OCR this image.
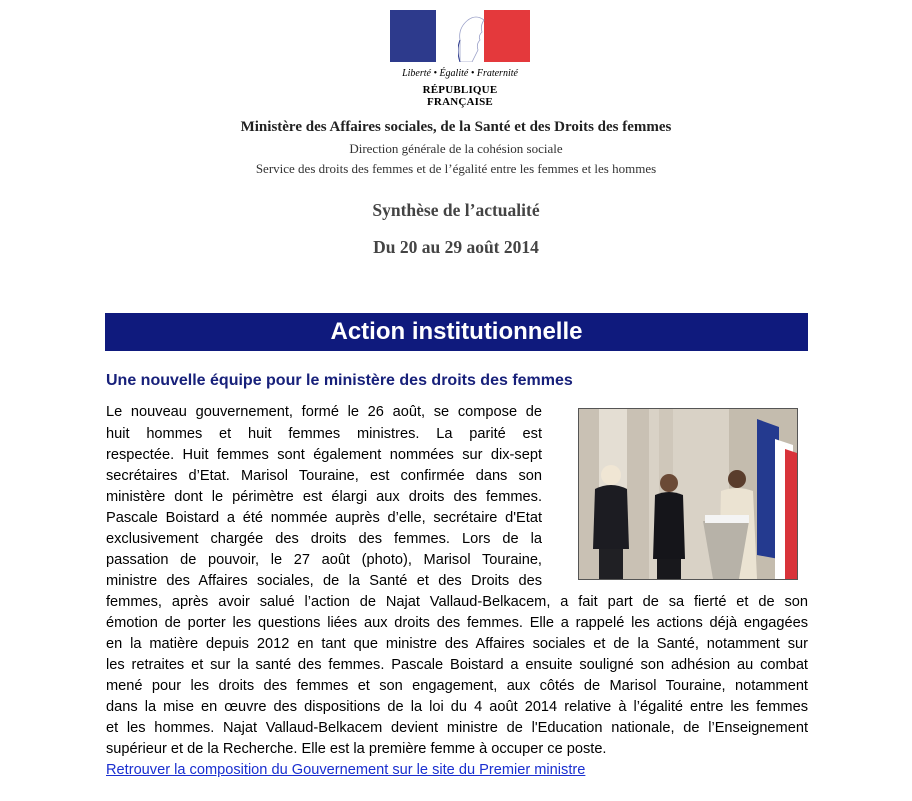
Liberté • Égalité • Fraternité
RÉPUBLIQUE FRANÇAISE
Ministère des Affaires sociales, de la Santé et des Droits des femmes
Direction générale de la cohésion sociale
Service des droits des femmes et de l’égalité entre les femmes et les hommes
Synthèse de l’actualité
Du 20 au 29 août 2014
Action institutionnelle
Une nouvelle équipe pour le ministère des droits des femmes
Le nouveau gouvernement, formé le 26 août, se compose de
huit hommes et huit femmes ministres. La parité est
respectée. Huit femmes sont également nommées sur dix-sept
secrétaires d’Etat. Marisol Touraine, est confirmée dans son
ministère dont le périmètre est élargi aux droits des femmes.
Pascale Boistard a été nommée auprès d’elle, secrétaire d'Etat
exclusivement chargée des droits des femmes. Lors de la
passation de pouvoir, le 27 août (photo), Marisol Touraine,
ministre des Affaires sociales, de la Santé et des Droits des
femmes, après avoir salué l’action de Najat Vallaud-Belkacem, a fait part de sa fierté et de son
émotion de porter les questions liées aux droits des femmes. Elle a rappelé les actions déjà engagées
en la matière depuis 2012 en tant que ministre des Affaires sociales et de la Santé, notamment sur
les retraites et sur la santé des femmes. Pascale Boistard a ensuite souligné son adhésion au combat
mené pour les droits des femmes et son engagement, aux côtés de Marisol Touraine, notamment
dans la mise en œuvre des dispositions de la loi du 4 août 2014 relative à l’égalité entre les femmes
et les hommes. Najat Vallaud-Belkacem devient ministre de l'Education nationale, de l’Enseignement
supérieur et de la Recherche. Elle est la première femme à occuper ce poste.
Retrouver la composition du Gouvernement sur le site du Premier ministre
